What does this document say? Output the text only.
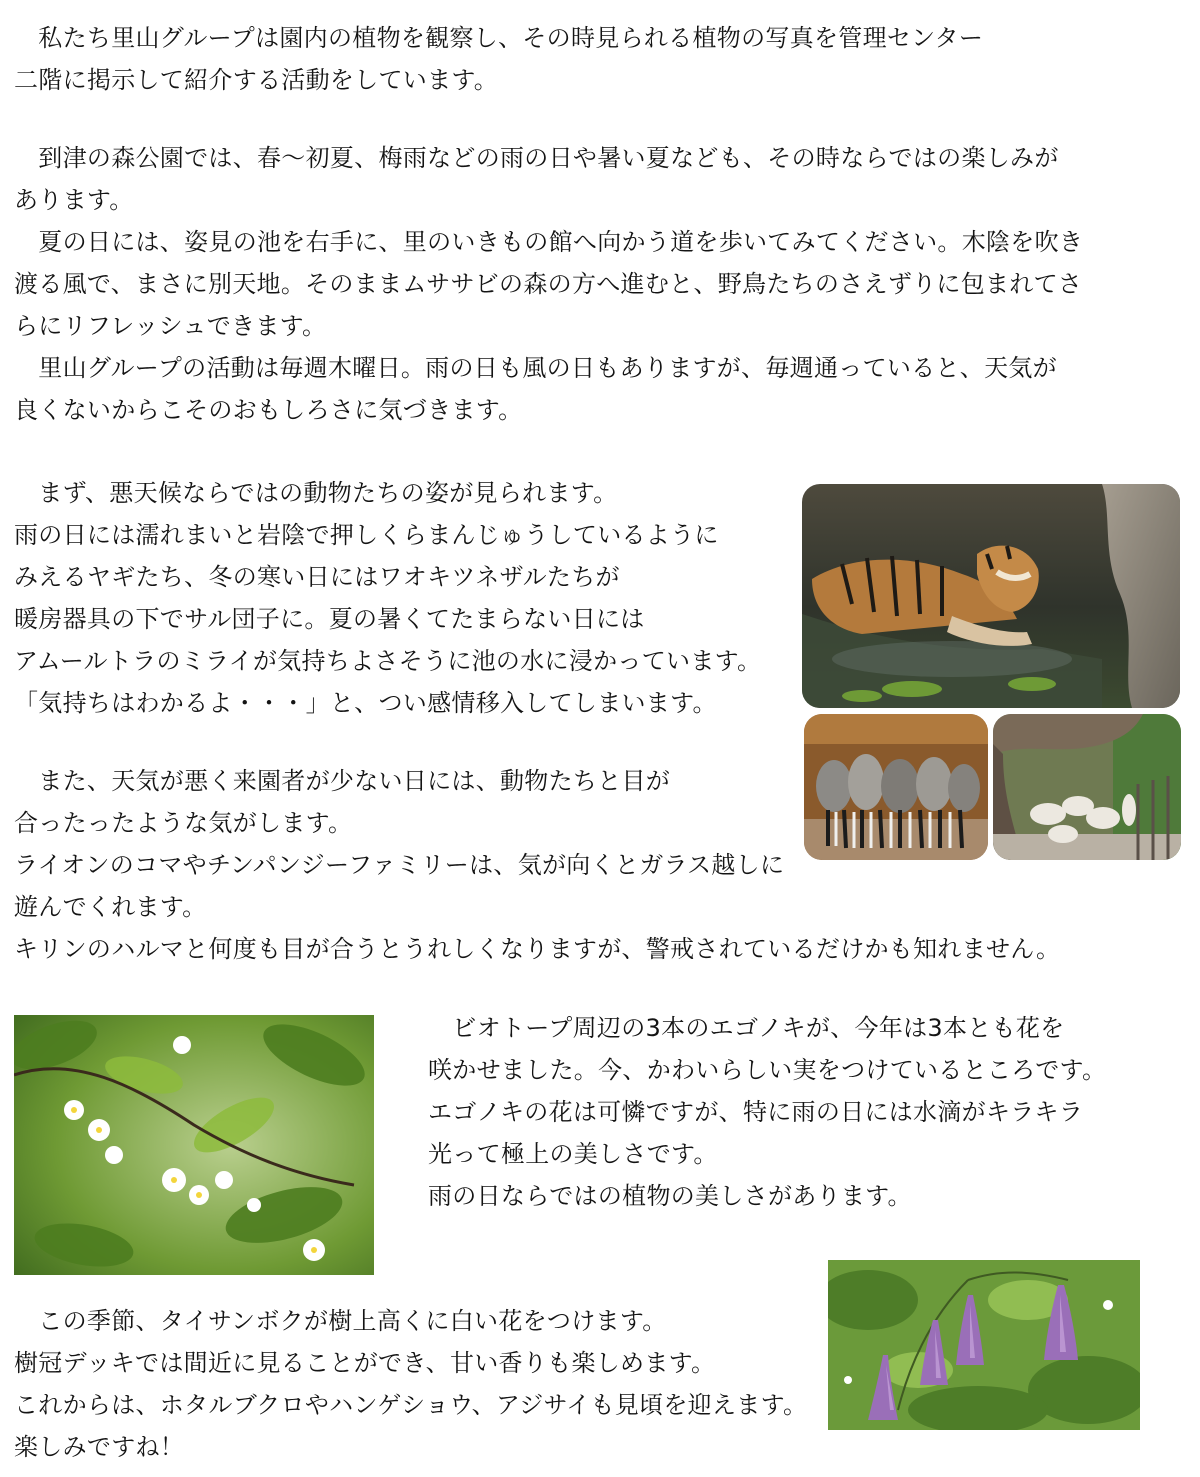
　私たち里山グループは園内の植物を観察し、その時見られる植物の写真を管理センター
二階に掲示して紹介する活動をしています。
　到津の森公園では、春～初夏、梅雨などの雨の日や暑い夏なども、その時ならではの楽しみが
あります。
　夏の日には、姿見の池を右手に、里のいきもの館へ向かう道を歩いてみてください。木陰を吹き
渡る風で、まさに別天地。そのままムササビの森の方へ進むと、野鳥たちのさえずりに包まれてさ
らにリフレッシュできます。
　里山グループの活動は毎週木曜日。雨の日も風の日もありますが、毎週通っていると、天気が
良くないからこそのおもしろさに気づきます。
　まず、悪天候ならではの動物たちの姿が見られます。
雨の日には濡れまいと岩陰で押しくらまんじゅうしているように
みえるヤギたち、冬の寒い日にはワオキツネザルたちが
暖房器具の下でサル団子に。夏の暑くてたまらない日には
アムールトラのミライが気持ちよさそうに池の水に浸かっています。
「気持ちはわかるよ・・・」と、つい感情移入してしまいます。
　また、天気が悪く来園者が少ない日には、動物たちと目が
合ったったような気がします。
ライオンのコマやチンパンジーファミリーは、気が向くとガラス越しに
遊んでくれます。
キリンのハルマと何度も目が合うとうれしくなりますが、警戒されているだけかも知れません。
　ビオトープ周辺の3本のエゴノキが、今年は3本とも花を
咲かせました。今、かわいらしい実をつけているところです。
エゴノキの花は可憐ですが、特に雨の日には水滴がキラキラ
光って極上の美しさです。
雨の日ならではの植物の美しさがあります。
　この季節、タイサンボクが樹上高くに白い花をつけます。
樹冠デッキでは間近に見ることができ、甘い香りも楽しめます。
これからは、ホタルブクロやハンゲショウ、アジサイも見頃を迎えます。
楽しみですね！
